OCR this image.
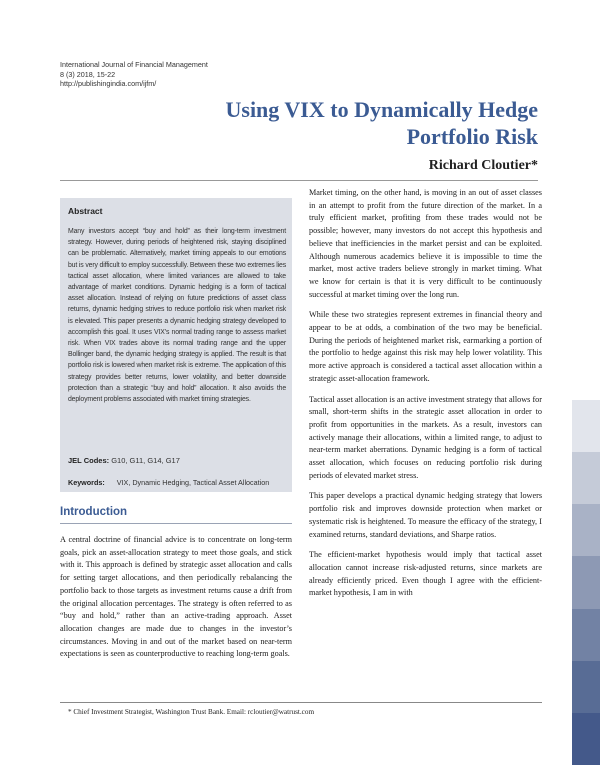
International Journal of Financial Management
8 (3) 2018, 15-22
http://publishingindia.com/ijfm/
Using VIX to Dynamically Hedge Portfolio Risk
Richard Cloutier*
Abstract

Many investors accept “buy and hold” as their long-term investment strategy. However, during periods of heightened risk, staying disciplined can be problematic. Alternatively, market timing appeals to our emotions but is very difficult to employ successfully. Between these two extremes lies tactical asset allocation, where limited variances are allowed to take advantage of market conditions. Dynamic hedging is a form of tactical asset allocation. Instead of relying on future predictions of asset class returns, dynamic hedging strives to reduce portfolio risk when market risk is elevated. This paper presents a dynamic hedging strategy developed to accomplish this goal. It uses VIX’s normal trading range to assess market risk. When VIX trades above its normal trading range and the upper Bollinger band, the dynamic hedging strategy is applied. The result is that portfolio risk is lowered when market risk is extreme. The application of this strategy provides better returns, lower volatility, and better downside protection than a strategic “buy and hold” allocation. It also avoids the deployment problems associated with market timing strategies.

JEL Codes: G10, G11, G14, G17
Keywords: VIX, Dynamic Hedging, Tactical Asset Allocation
Introduction

A central doctrine of financial advice is to concentrate on long-term goals, pick an asset-allocation strategy to meet those goals, and stick with it. This approach is defined by strategic asset allocation and calls for setting target allocations, and then periodically rebalancing the portfolio back to those targets as investment returns cause a drift from the original allocation percentages. The strategy is often referred to as “buy and hold,” rather than an active-trading approach. Asset allocation changes are made due to changes in the investor’s circumstances. Moving in and out of the market based on near-term expectations is seen as counterproductive to reaching long-term goals.

Market timing, on the other hand, is moving in an out of asset classes in an attempt to profit from the future direction of the market. In a truly efficient market, profiting from these trades would not be possible; however, many investors do not accept this hypothesis and believe that inefficiencies in the market persist and can be exploited. Although numerous academics believe it is impossible to time the market, most active traders believe strongly in market timing. What we know for certain is that it is very difficult to be continuously successful at market timing over the long run.

While these two strategies represent extremes in financial theory and appear to be at odds, a combination of the two may be beneficial. During the periods of heightened market risk, earmarking a portion of the portfolio to hedge against this risk may help lower volatility. This more active approach is considered a tactical asset allocation within a strategic asset-allocation framework.

Tactical asset allocation is an active investment strategy that allows for small, short-term shifts in the strategic asset allocation in order to profit from opportunities in the markets. As a result, investors can actively manage their allocations, within a limited range, to adjust to near-term market aberrations. Dynamic hedging is a form of tactical asset allocation, which focuses on reducing portfolio risk during periods of elevated market stress.

This paper develops a practical dynamic hedging strategy that lowers portfolio risk and improves downside protection when market or systematic risk is heightened. To measure the efficacy of the strategy, I examined returns, standard deviations, and Sharpe ratios.

The efficient-market hypothesis would imply that tactical asset allocation cannot increase risk-adjusted returns, since markets are already efficiently priced. Even though I agree with the efficient-market hypothesis, I am in with

* Chief Investment Strategist, Washington Trust Bank. Email: rcloutier@watrust.com
